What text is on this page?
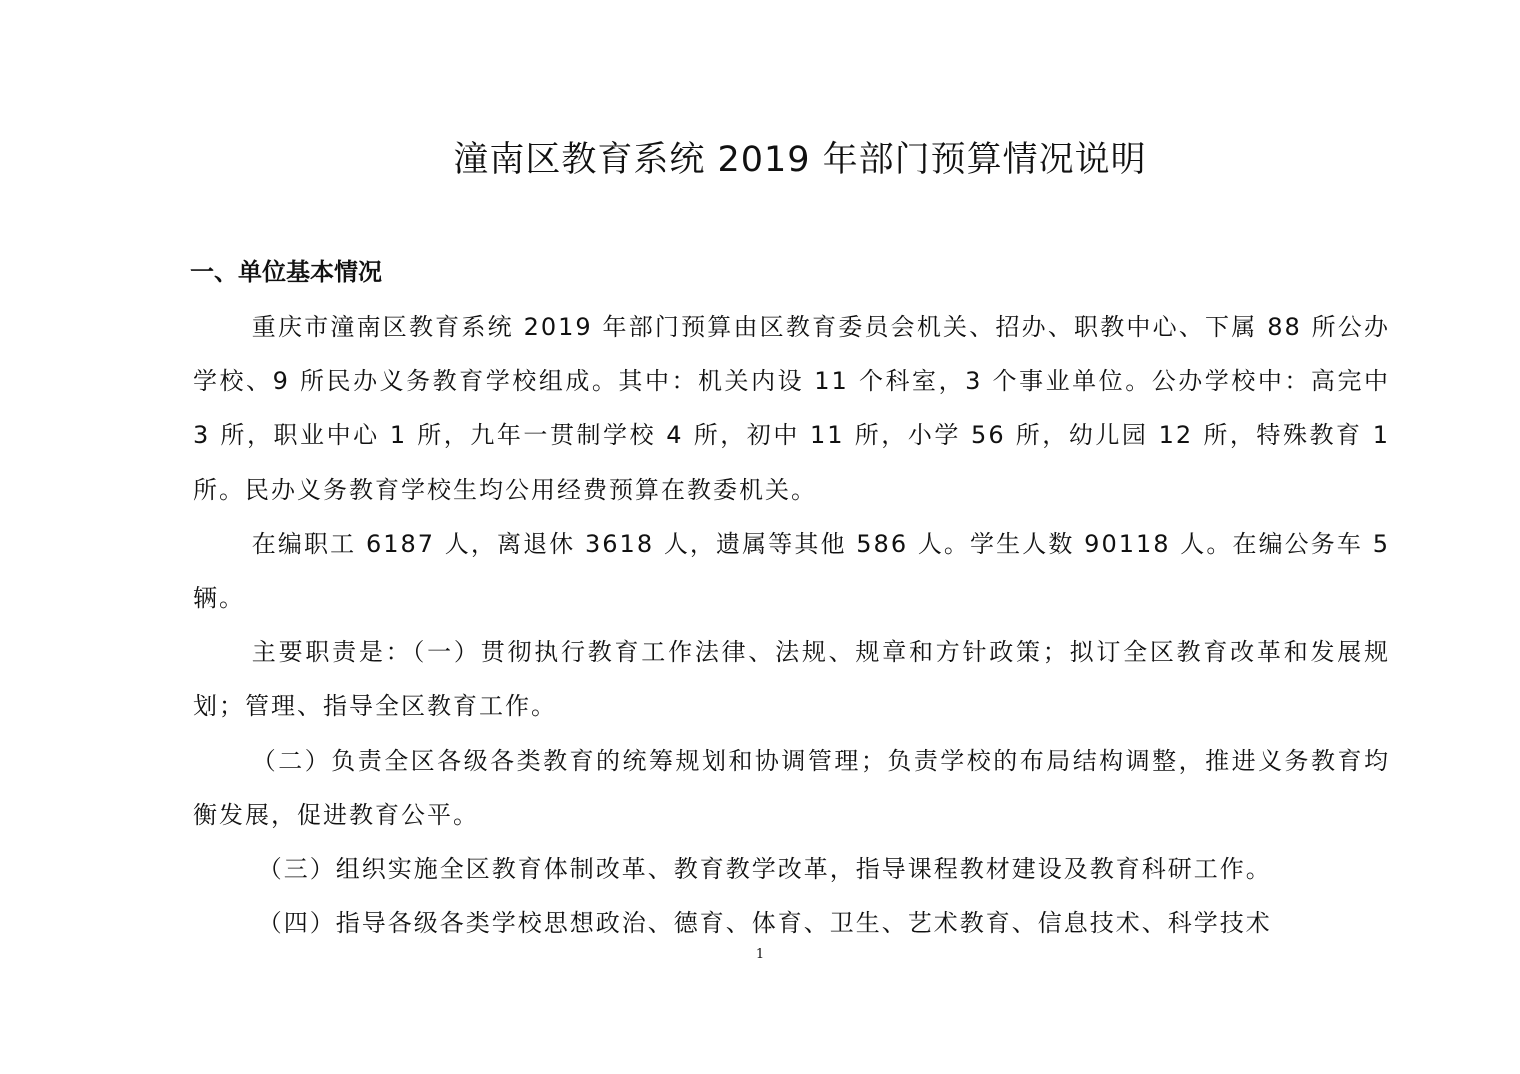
潼南区教育系统 2019 年部门预算情况说明
一、单位基本情况

重庆市潼南区教育系统 2019 年部门预算由区教育委员会机关、招办、职教中心、下属 88 所公办学校、9 所民办义务教育学校组成。其中：机关内设 11 个科室，3 个事业单位。公办学校中：高完中 3 所，职业中心 1 所，九年一贯制学校 4 所，初中 11 所，小学 56 所，幼儿园 12 所，特殊教育 1 所。民办义务教育学校生均公用经费预算在教委机关。

在编职工 6187 人，离退休 3618 人，遗属等其他 586 人。学生人数 90118 人。在编公务车 5 辆。

主要职责是：（一）贯彻执行教育工作法律、法规、规章和方针政策；拟订全区教育改革和发展规划；管理、指导全区教育工作。

（二）负责全区各级各类教育的统筹规划和协调管理；负责学校的布局结构调整，推进义务教育均衡发展，促进教育公平。

（三）组织实施全区教育体制改革、教育教学改革，指导课程教材建设及教育科研工作。

（四）指导各级各类学校思想政治、德育、体育、卫生、艺术教育、信息技术、科学技术

1
